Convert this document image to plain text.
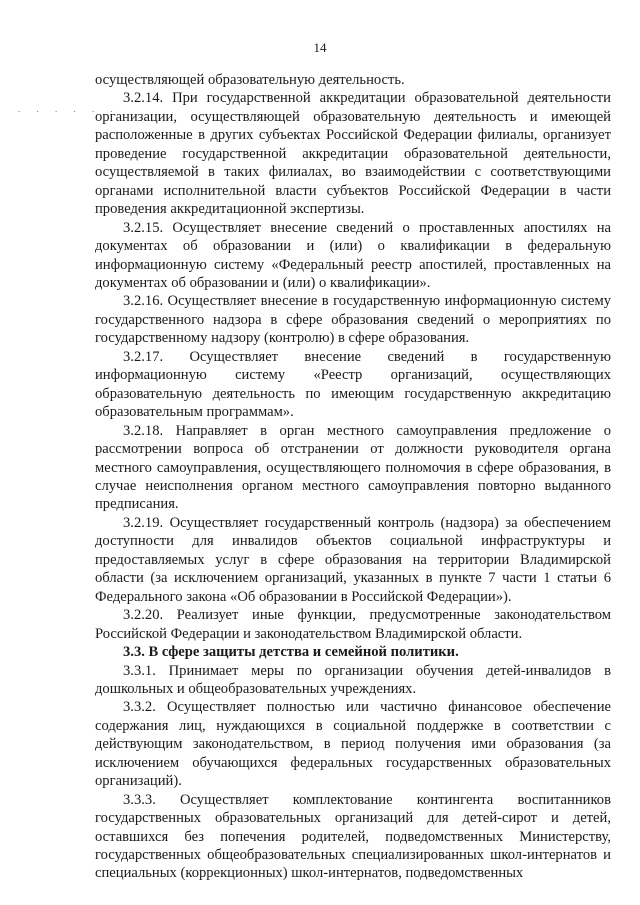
14
. . . . . .

осуществляющей образовательную деятельность.

3.2.14. При государственной аккредитации образовательной деятельности организации, осуществляющей образовательную деятельность и имеющей расположенные в других субъектах Российской Федерации филиалы, организует проведение государственной аккредитации образовательной деятельности, осуществляемой в таких филиалах, во взаимодействии с соответствующими органами исполнительной власти субъектов Российской Федерации в части проведения аккредитационной экспертизы.

3.2.15. Осуществляет внесение сведений о проставленных апостилях на документах об образовании и (или) о квалификации в федеральную информационную систему «Федеральный реестр апостилей, проставленных на документах об образовании и (или) о квалификации».

3.2.16. Осуществляет внесение в государственную информационную систему государственного надзора в сфере образования сведений о мероприятиях по государственному надзору (контролю) в сфере образования.

3.2.17. Осуществляет внесение сведений в государственную информационную систему «Реестр организаций, осуществляющих образовательную деятельность по имеющим государственную аккредитацию образовательным программам».

3.2.18. Направляет в орган местного самоуправления предложение о рассмотрении вопроса об отстранении от должности руководителя органа местного самоуправления, осуществляющего полномочия в сфере образования, в случае неисполнения органом местного самоуправления повторно выданного предписания.

3.2.19. Осуществляет государственный контроль (надзора) за обеспечением доступности для инвалидов объектов социальной инфраструктуры и предоставляемых услуг в сфере образования на территории Владимирской области (за исключением организаций, указанных в пункте 7 части 1 статьи 6 Федерального закона «Об образовании в Российской Федерации»).

3.2.20. Реализует иные функции, предусмотренные законодательством Российской Федерации и законодательством Владимирской области.

3.3. В сфере защиты детства и семейной политики.

3.3.1. Принимает меры по организации обучения детей-инвалидов в дошкольных и общеобразовательных учреждениях.

3.3.2. Осуществляет полностью или частично финансовое обеспечение содержания лиц, нуждающихся в социальной поддержке в соответствии с действующим законодательством, в период получения ими образования (за исключением обучающихся федеральных государственных образовательных организаций).

3.3.3. Осуществляет комплектование контингента воспитанников государственных образовательных организаций для детей-сирот и детей, оставшихся без попечения родителей, подведомственных Министерству, государственных общеобразовательных специализированных школ-интернатов и специальных (коррекционных) школ-интернатов, подведомственных
